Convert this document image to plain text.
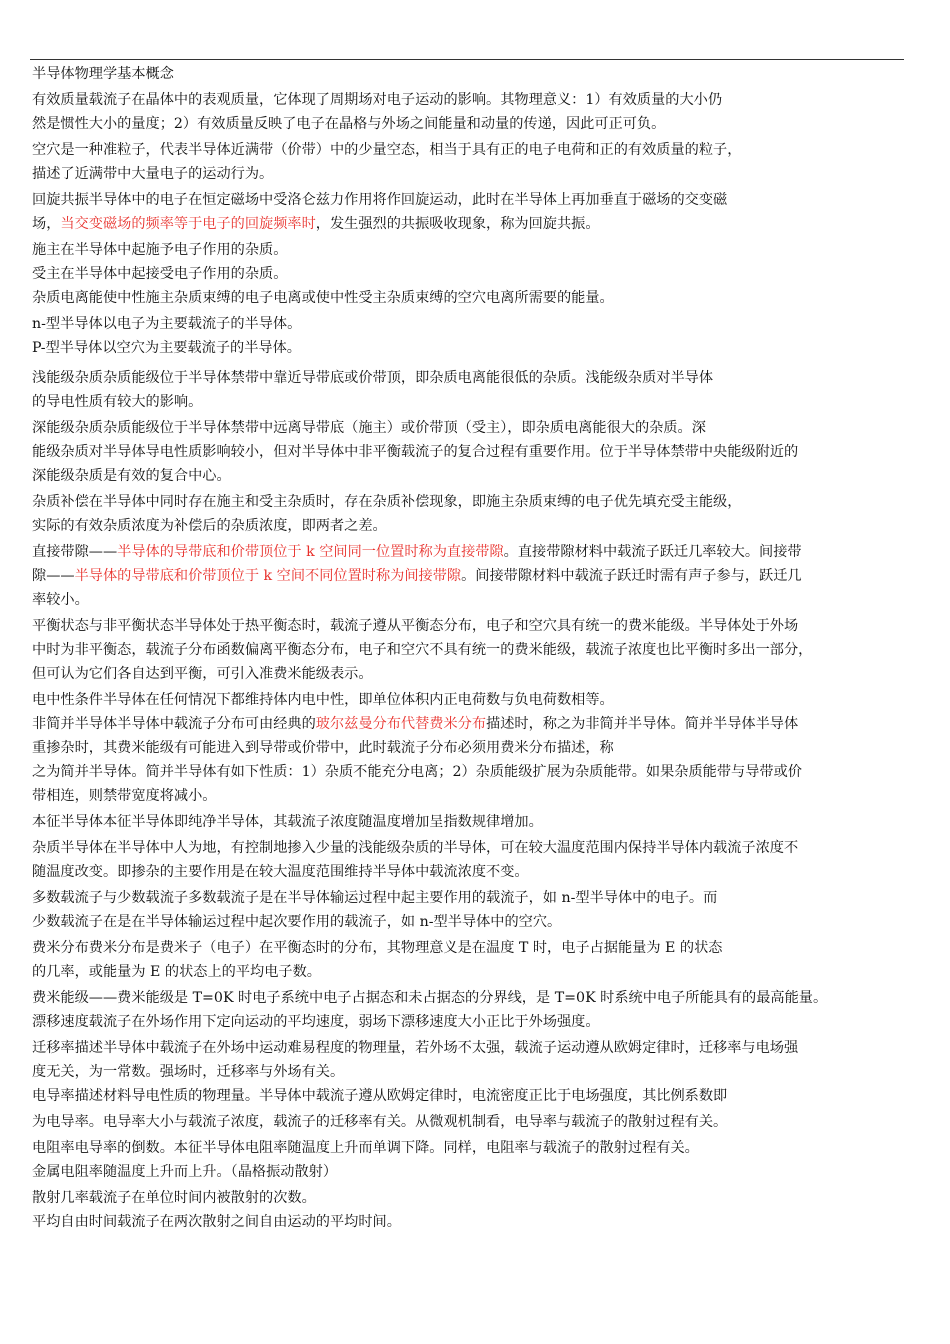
半导体物理学基本概念
有效质量载流子在晶体中的表观质量，它体现了周期场对电子运动的影响。其物理意义：1）有效质量的大小仍
然是惯性大小的量度；2）有效质量反映了电子在晶格与外场之间能量和动量的传递，因此可正可负。
空穴是一种准粒子，代表半导体近满带（价带）中的少量空态，相当于具有正的电子电荷和正的有效质量的粒子，
描述了近满带中大量电子的运动行为。
回旋共振半导体中的电子在恒定磁场中受洛仑兹力作用将作回旋运动，此时在半导体上再加垂直于磁场的交变磁
场，当交变磁场的频率等于电子的回旋频率时，发生强烈的共振吸收现象，称为回旋共振。
施主在半导体中起施予电子作用的杂质。
受主在半导体中起接受电子作用的杂质。
杂质电离能使中性施主杂质束缚的电子电离或使中性受主杂质束缚的空穴电离所需要的能量。
n-型半导体以电子为主要载流子的半导体。
P-型半导体以空穴为主要载流子的半导体。
浅能级杂质杂质能级位于半导体禁带中靠近导带底或价带顶，即杂质电离能很低的杂质。浅能级杂质对半导体
的导电性质有较大的影响。
深能级杂质杂质能级位于半导体禁带中远离导带底（施主）或价带顶（受主），即杂质电离能很大的杂质。深
能级杂质对半导体导电性质影响较小，但对半导体中非平衡载流子的复合过程有重要作用。位于半导体禁带中央能级附近的
深能级杂质是有效的复合中心。
杂质补偿在半导体中同时存在施主和受主杂质时，存在杂质补偿现象，即施主杂质束缚的电子优先填充受主能级，
实际的有效杂质浓度为补偿后的杂质浓度，即两者之差。
直接带隙——半导体的导带底和价带顶位于 k 空间同一位置时称为直接带隙。直接带隙材料中载流子跃迁几率较大。间接带
隙——半导体的导带底和价带顶位于 k 空间不同位置时称为间接带隙。间接带隙材料中载流子跃迁时需有声子参与，跃迁几
率较小。
平衡状态与非平衡状态半导体处于热平衡态时，载流子遵从平衡态分布，电子和空穴具有统一的费米能级。半导体处于外场
中时为非平衡态，载流子分布函数偏离平衡态分布，电子和空穴不具有统一的费米能级，载流子浓度也比平衡时多出一部分，
但可认为它们各自达到平衡，可引入准费米能级表示。
电中性条件半导体在任何情况下都维持体内电中性，即单位体积内正电荷数与负电荷数相等。
非简并半导体半导体中载流子分布可由经典的玻尔兹曼分布代替费米分布描述时，称之为非简并半导体。简并半导体半导体
重掺杂时，其费米能级有可能进入到导带或价带中，此时载流子分布必须用费米分布描述，称
之为简并半导体。简并半导体有如下性质：1）杂质不能充分电离；2）杂质能级扩展为杂质能带。如果杂质能带与导带或价
带相连，则禁带宽度将减小。
本征半导体本征半导体即纯净半导体，其载流子浓度随温度增加呈指数规律增加。
杂质半导体在半导体中人为地，有控制地掺入少量的浅能级杂质的半导体，可在较大温度范围内保持半导体内载流子浓度不
随温度改变。即掺杂的主要作用是在较大温度范围维持半导体中载流浓度不变。
多数载流子与少数载流子多数载流子是在半导体输运过程中起主要作用的载流子，如 n-型半导体中的电子。而
少数载流子在是在半导体输运过程中起次要作用的载流子，如 n-型半导体中的空穴。
费米分布费米分布是费米子（电子）在平衡态时的分布，其物理意义是在温度 T 时，电子占据能量为 E 的状态
的几率，或能量为 E 的状态上的平均电子数。
费米能级——费米能级是 T=0K 时电子系统中电子占据态和未占据态的分界线，是 T=0K 时系统中电子所能具有的最高能量。
漂移速度载流子在外场作用下定向运动的平均速度，弱场下漂移速度大小正比于外场强度。
迁移率描述半导体中载流子在外场中运动难易程度的物理量，若外场不太强，载流子运动遵从欧姆定律时，迁移率与电场强
度无关，为一常数。强场时，迁移率与外场有关。
电导率描述材料导电性质的物理量。半导体中载流子遵从欧姆定律时，电流密度正比于电场强度，其比例系数即
为电导率。电导率大小与载流子浓度，载流子的迁移率有关。从微观机制看，电导率与载流子的散射过程有关。
电阻率电导率的倒数。本征半导体电阻率随温度上升而单调下降。同样，电阻率与载流子的散射过程有关。
金属电阻率随温度上升而上升。（晶格振动散射）
散射几率载流子在单位时间内被散射的次数。
平均自由时间载流子在两次散射之间自由运动的平均时间。
